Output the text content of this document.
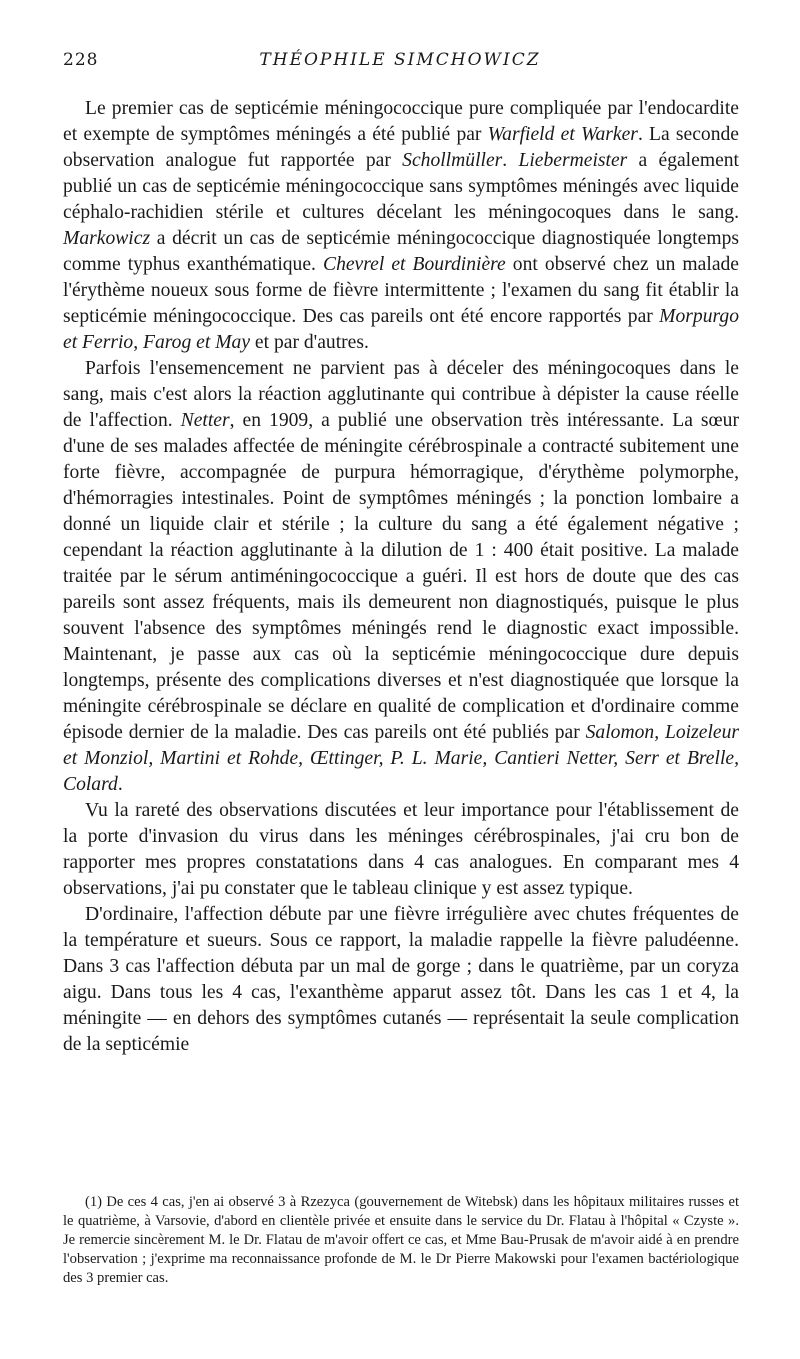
228	THÉOPHILE SIMCHOWICZ

Le premier cas de septicémie méningococcique pure compliquée par l'endocardite et exempte de symptômes méningés a été publié par Warfield et Warker. La seconde observation analogue fut rapportée par Schollmüller. Liebermeister a également publié un cas de septicémie méningococcique sans symptômes méningés avec liquide céphalo-rachidien stérile et cultures décelant les méningocoques dans le sang. Markowicz a décrit un cas de septicémie méningococcique diagnostiquée longtemps comme typhus exanthématique. Chevrel et Bourdinière ont observé chez un malade l'érythème noueux sous forme de fièvre intermittente ; l'examen du sang fit établir la septicémie méningococcique. Des cas pareils ont été encore rapportés par Morpurgo et Ferrio, Farog et May et par d'autres.

Parfois l'ensemencement ne parvient pas à déceler des méningocoques dans le sang, mais c'est alors la réaction agglutinante qui contribue à dépister la cause réelle de l'affection. Netter, en 1909, a publié une observation très intéressante. La sœur d'une de ses malades affectée de méningite cérébrospinale a contracté subitement une forte fièvre, accompagnée de purpura hémorragique, d'érythème polymorphe, d'hémorragies intestinales. Point de symptômes méningés ; la ponction lombaire a donné un liquide clair et stérile ; la culture du sang a été également négative ; cependant la réaction agglutinante à la dilution de 1 : 400 était positive. La malade traitée par le sérum antiméningococcique a guéri. Il est hors de doute que des cas pareils sont assez fréquents, mais ils demeurent non diagnostiqués, puisque le plus souvent l'absence des symptômes méningés rend le diagnostic exact impossible. Maintenant, je passe aux cas où la septicémie méningococcique dure depuis longtemps, présente des complications diverses et n'est diagnostiquée que lorsque la méningite cérébrospinale se déclare en qualité de complication et d'ordinaire comme épisode dernier de la maladie. Des cas pareils ont été publiés par Salomon, Loizeleur et Monziol, Martini et Rohde, Œttinger, P. L. Marie, Cantieri Netter, Serr et Brelle, Colard.

Vu la rareté des observations discutées et leur importance pour l'établissement de la porte d'invasion du virus dans les méninges cérébrospinales, j'ai cru bon de rapporter mes propres constatations dans 4 cas analogues. En comparant mes 4 observations, j'ai pu constater que le tableau clinique y est assez typique.

D'ordinaire, l'affection débute par une fièvre irrégulière avec chutes fréquentes de la température et sueurs. Sous ce rapport, la maladie rappelle la fièvre paludéenne. Dans 3 cas l'affection débuta par un mal de gorge ; dans le quatrième, par un coryza aigu. Dans tous les 4 cas, l'exanthème apparut assez tôt. Dans les cas 1 et 4, la méningite — en dehors des symptômes cutanés — représentait la seule complication de la septicémie

(1) De ces 4 cas, j'en ai observé 3 à Rzezyca (gouvernement de Witebsk) dans les hôpitaux militaires russes et le quatrième, à Varsovie, d'abord en clientèle privée et ensuite dans le service du Dr. Flatau à l'hôpital « Czyste ». Je remercie sincèrement M. le Dr. Flatau de m'avoir offert ce cas, et Mme Bau-Prusak de m'avoir aidé à en prendre l'observation ; j'exprime ma reconnaissance profonde de M. le Dr Pierre Makowski pour l'examen bactériologique des 3 premier cas.
